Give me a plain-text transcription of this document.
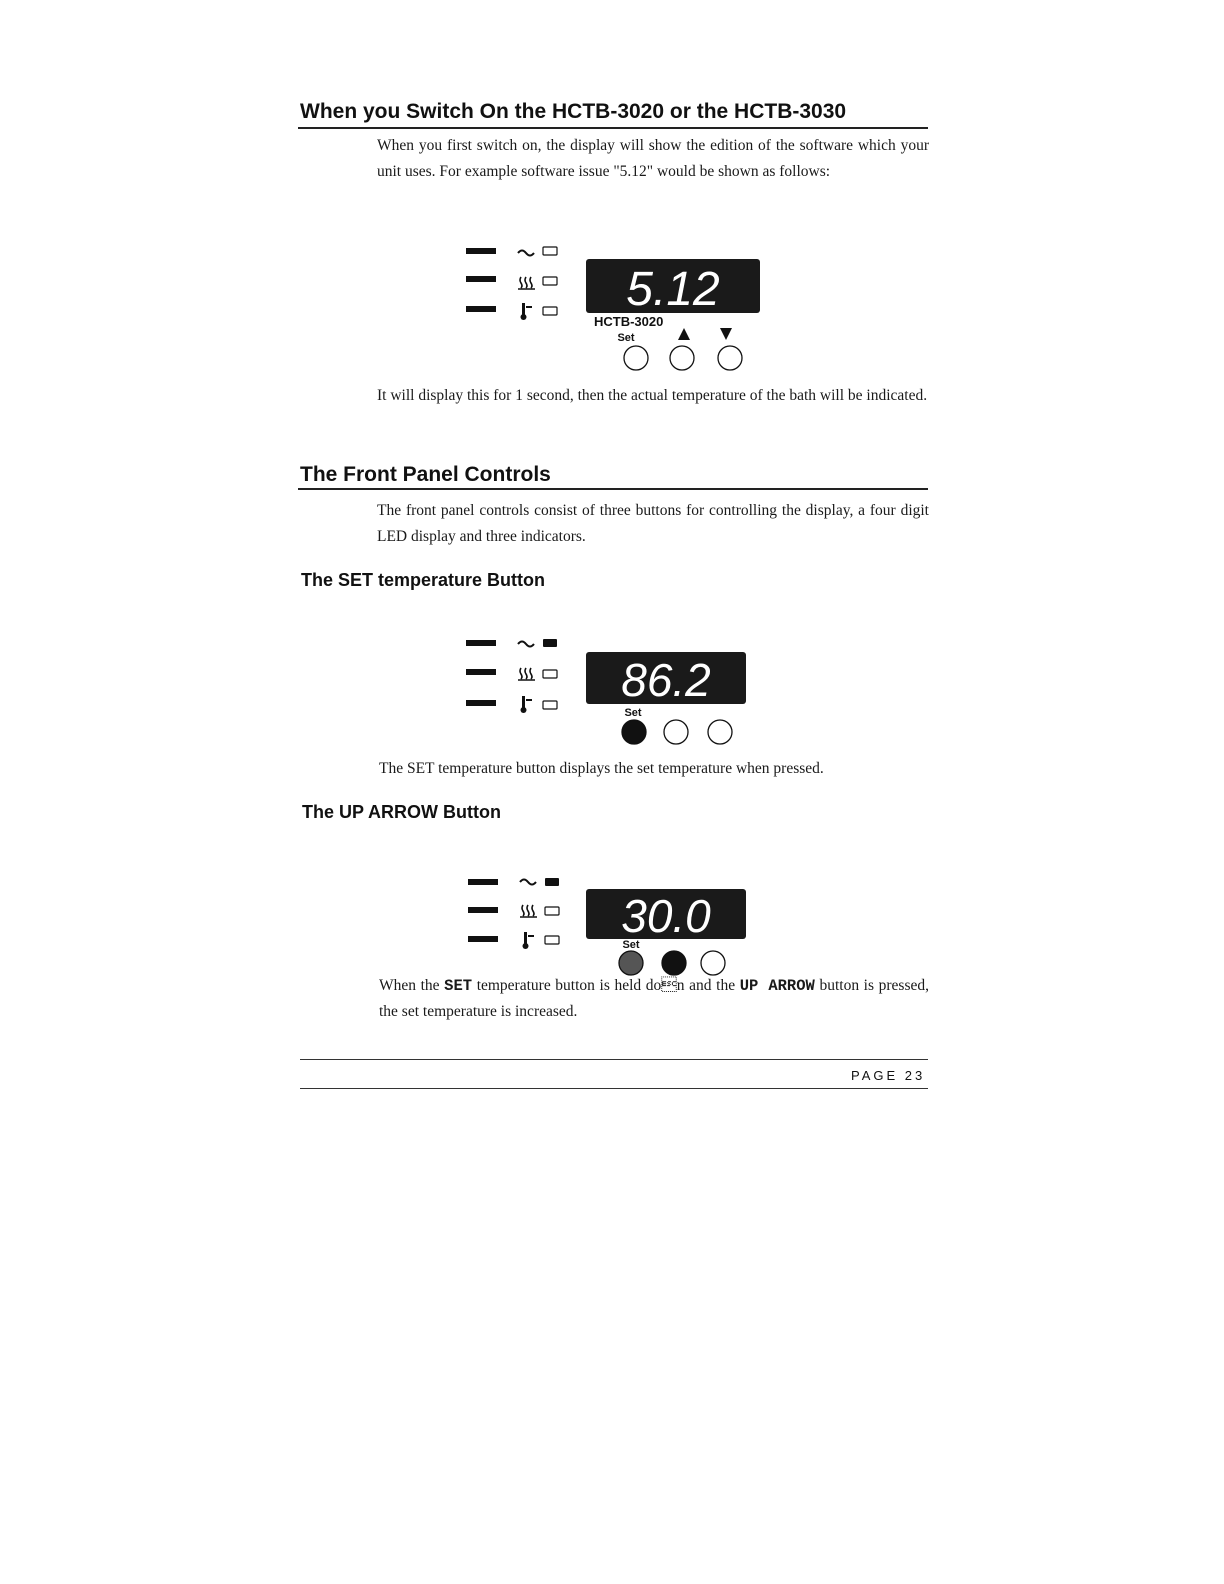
When you Switch On the HCTB-3020 or the HCTB-3030
When you first switch on, the display will show the edition of the software which your unit uses. For example software issue "5.12" would be shown as follows:
5.12
HCTB-3020
Set
It will display this for 1 second, then the actual temperature of the bath will be indicated.
The Front Panel Controls
The front panel controls consist of three buttons for controlling the display, a four digit LED display and three indicators.
The SET temperature Button
86.2
Set
The SET temperature button displays the set temperature when pressed.
The UP ARROW Button
30.0
Set
When the SET temperature button is held don and the UP ARROW button is pressed, the set temperature is increased.
PAGE 23
